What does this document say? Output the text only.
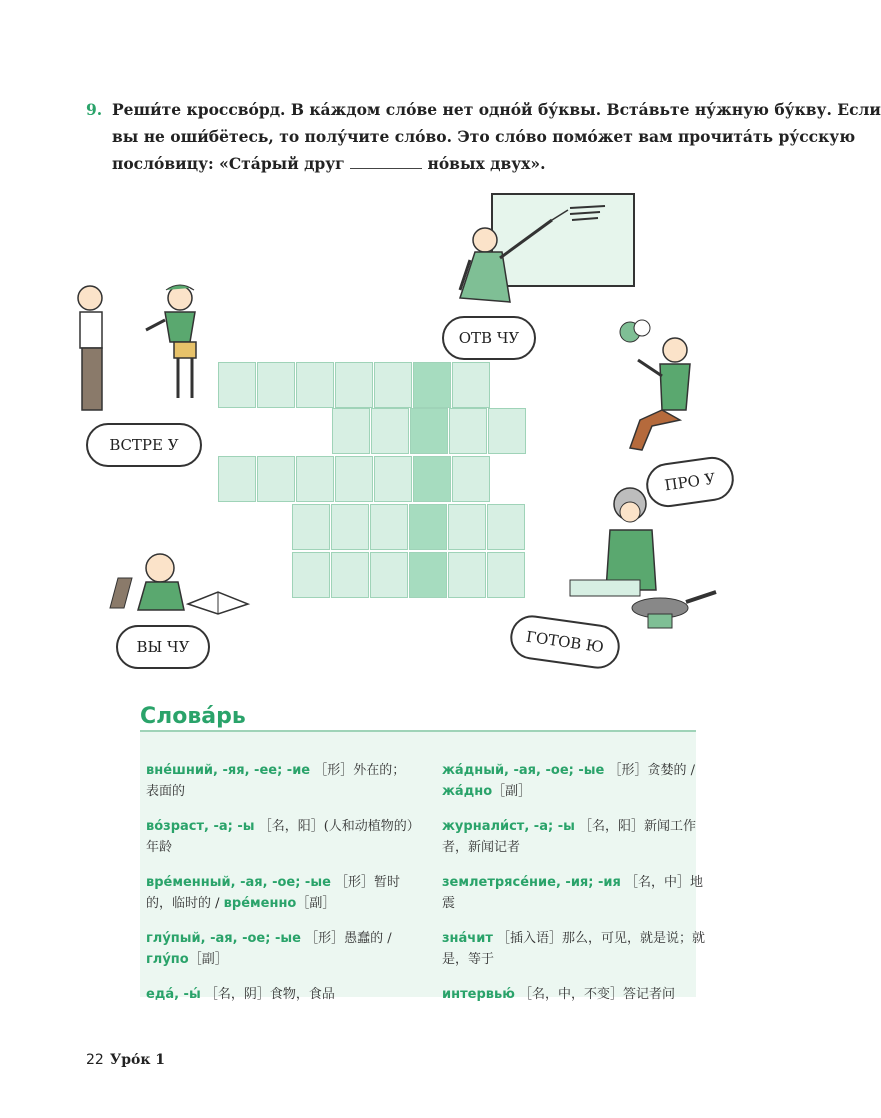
9. Реши́те кроссво́рд. В ка́ждом сло́ве нет одно́й бу́квы. Вста́вьте ну́жную бу́кву. Если
вы не оши́бётесь, то полу́чите сло́во. Это сло́во помо́жет вам прочита́ть ру́сскую
посло́вицу: «Ста́рый друг	но́вых двух».
ОТВ ЧУ
ВСТРЕ У
ПРО У
ГОТОВ Ю
ВЫ ЧУ
Слова́рь
вне́шний, -яя, -ее; -ие ［形］外在的；表面的
во́зраст, -а; -ы ［名，阳］(人和动植物的）年龄
вре́менный, -ая, -ое; -ые ［形］暂时的，临时的 / вре́менно［副］
глу́пый, -ая, -ое; -ые ［形］愚蠢的 / глу́по［副］
еда́, -ы́ ［名，阴］食物，食品
жа́дный, -ая, -ое; -ые ［形］贪婪的 / жа́дно［副］
журнали́ст, -а; -ы ［名，阳］新闻工作者，新闻记者
землетрясе́ние, -ия; -ия ［名，中］地震
зна́чит ［插入语］那么，可见，就是说；就是，等于
интервью́ ［名，中，不变］答记者问
22 Уро́к 1
